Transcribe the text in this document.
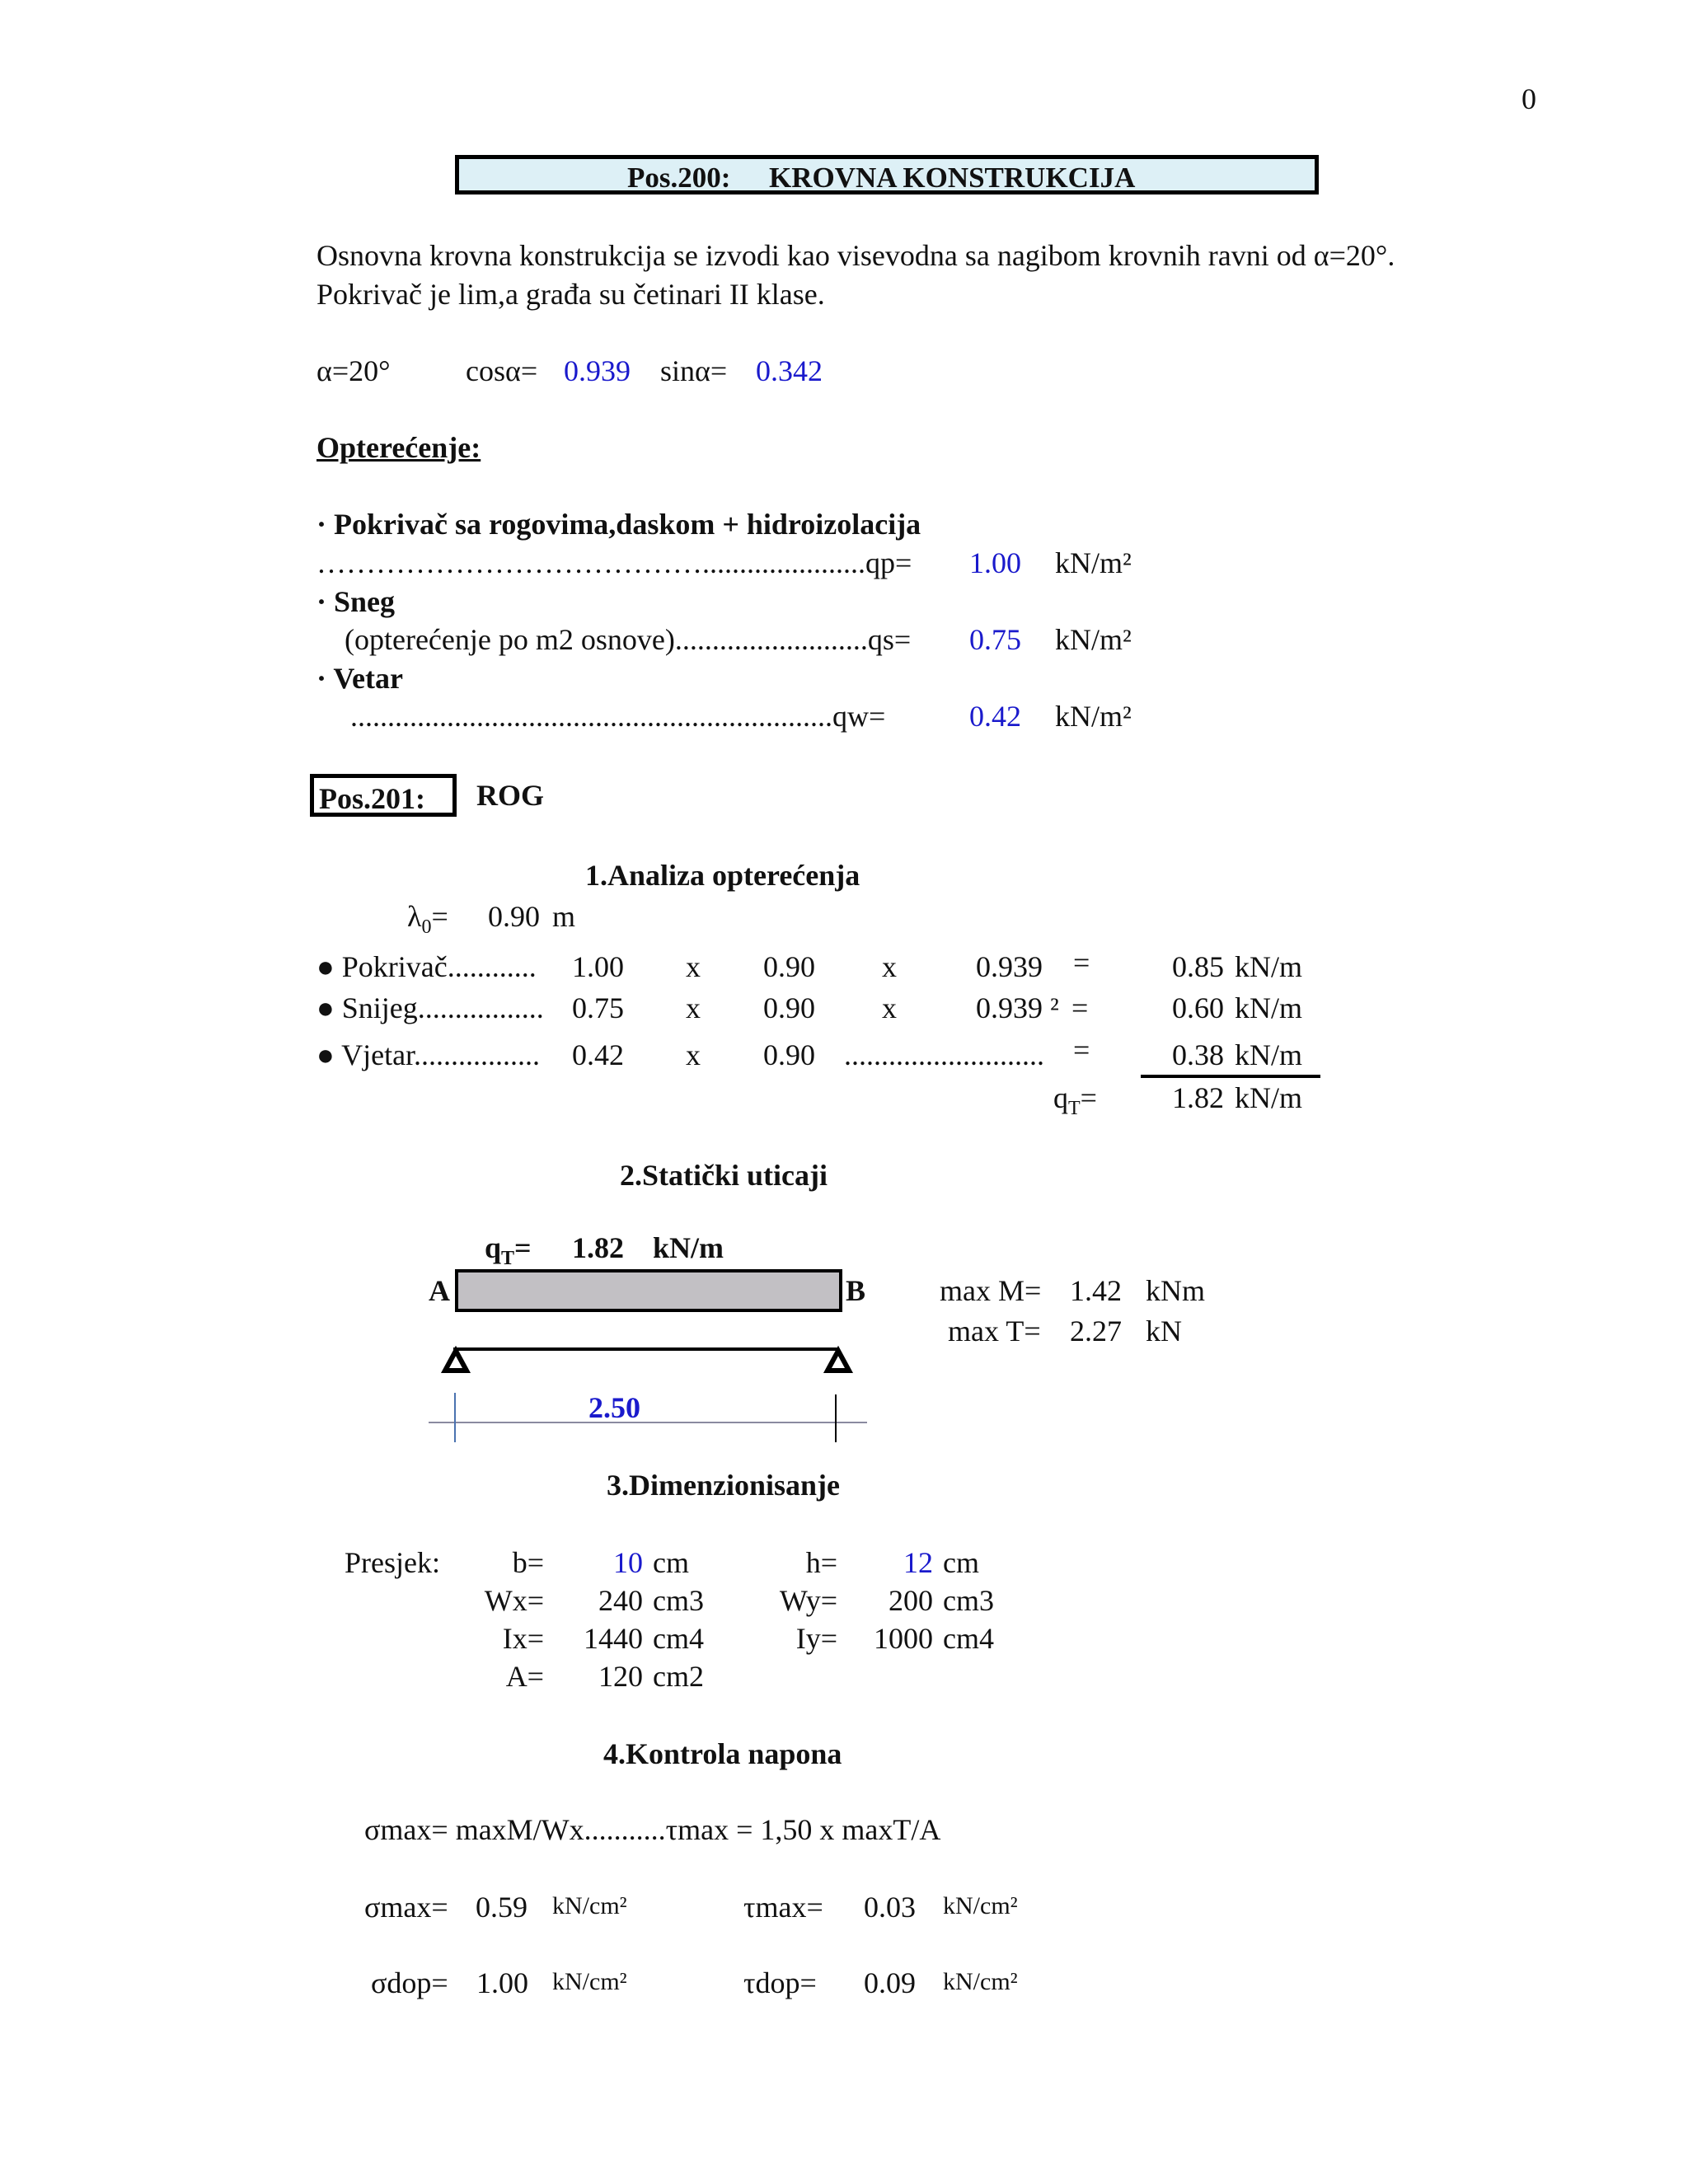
0
Pos.200: KROVNA KONSTRUKCIJA
Osnovna krovna konstrukcija se izvodi kao visevodna sa nagibom krovnih ravni od α=20°.
Pokrivač je lim,a građa su četinari II klase.
α=20°	cosα= 0.939 sinα= 0.342
Opterećenje:
· Pokrivač sa rogovima,daskom + hidroizolacija
…………………………………......................qp= 1.00 kN/m²
· Sneg
(opterećenje po m2 osnove)..........................qs= 0.75 kN/m²
· Vetar
.................................................................qw=	0.42 kN/m²
Pos.201: ROG
1.Analiza opterećenja
$\lambda_0= 0.90$ m
● Pokrivač............ 1.00 x 0.90 x	0.939 =	0.85 kN/m
● Snijeg................. 0.75 x 0.90 x	0.939 ² =	0.60 kN/m
● Vjetar................. 0.42 x 0.90 ........................... =	0.38 kN/m
$q_T=$	1.82 kN/m
2.Statički uticaji
$q_T= 1.82$ kN/m
A	B
2.50
max M= 1.42 kNm
max T= 2.27 kN
3.Dimenzionisanje
Presjek:	b=	10 cm	h=	12 cm
Wx=	240 cm3	Wy=	200 cm3
Ix=	1440 cm4	Iy=	1000 cm4
A=	120 cm2
4.Kontrola napona
σmax= maxM/Wx...........τmax = 1,50 x maxT/A
σmax= 0.59 kN/cm²	τmax= 0.03 kN/cm²
σdop= 1.00 kN/cm²	τdop= 0.09 kN/cm²
